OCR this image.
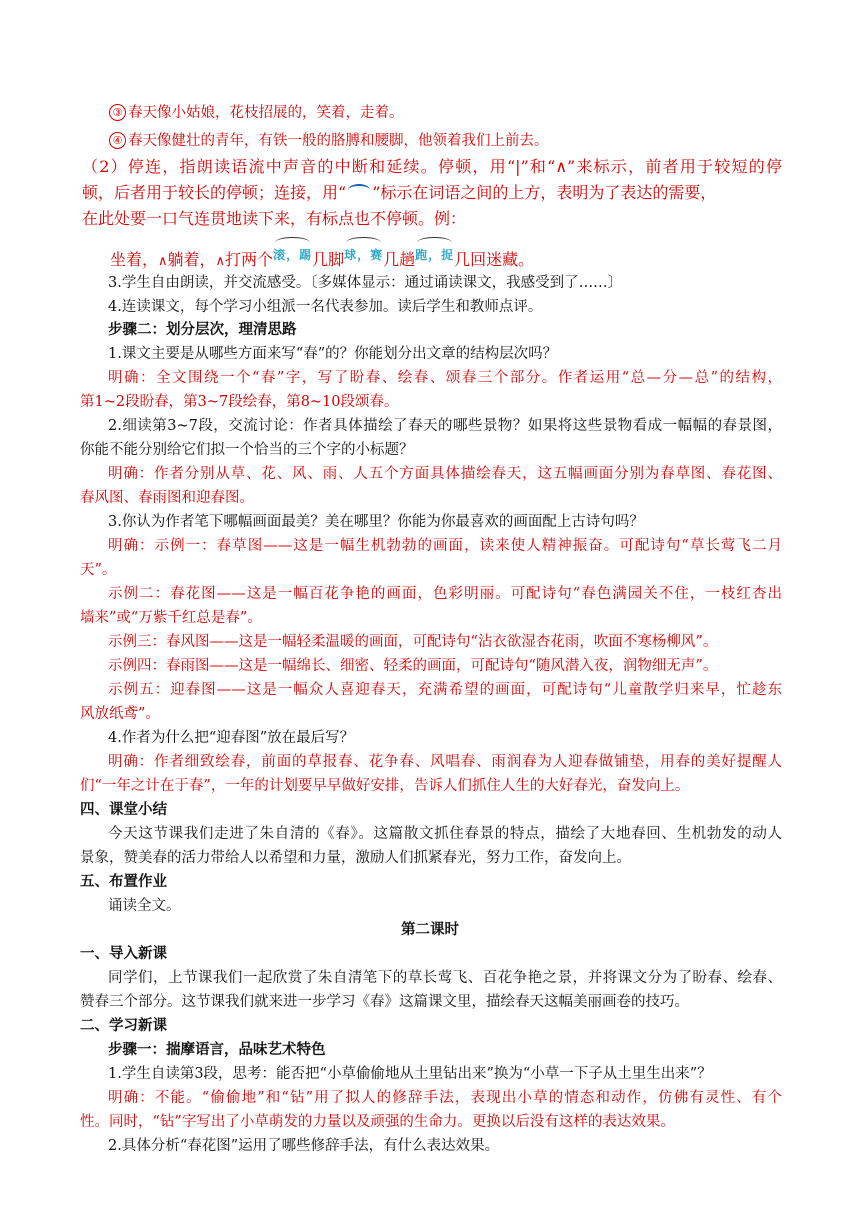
③ 春天像小姑娘，花枝招展的，笑着，走着。
④ 春天像健壮的青年，有铁一般的胳膊和腰脚，他领着我们上前去。
（2）停连，指朗读语流中声音的中断和延续。停顿，用“|”和“∧”来标示，前者用于较短的停
顿，后者用于较长的停顿；连接，用“ ”标示在词语之间的上方，表明为了表达的需要，
在此处要一口气连贯地读下来，有标点也不停顿。例：
坐着，∧躺着，∧打两个滚，踢几脚球，赛几趟跑，捉几回迷藏。
3.学生自由朗读，并交流感受。〔多媒体显示：通过诵读课文，我感受到了……〕
4.连读课文，每个学习小组派一名代表参加。读后学生和教师点评。
步骤二：划分层次，理清思路
1.课文主要是从哪些方面来写“春”的？你能划分出文章的结构层次吗？
明确：全文围绕一个“春”字，写了盼春、绘春、颂春三个部分。作者运用“总—分—总”的结构，
第1~2段盼春，第3~7段绘春，第8~10段颂春。
2.细读第3~7段，交流讨论：作者具体描绘了春天的哪些景物？如果将这些景物看成一幅幅的春景图，
你能不能分别给它们拟一个恰当的三个字的小标题？
明确：作者分别从草、花、风、雨、人五个方面具体描绘春天，这五幅画面分别为春草图、春花图、
春风图、春雨图和迎春图。
3.你认为作者笔下哪幅画面最美？美在哪里？你能为你最喜欢的画面配上古诗句吗？
明确：示例一：春草图——这是一幅生机勃勃的画面，读来使人精神振奋。可配诗句“草长莺飞二月
天”。
示例二：春花图——这是一幅百花争艳的画面，色彩明丽。可配诗句“春色满园关不住，一枝红杏出
墙来”或“万紫千红总是春”。
示例三：春风图——这是一幅轻柔温暖的画面，可配诗句“沾衣欲湿杏花雨，吹面不寒杨柳风”。
示例四：春雨图——这是一幅绵长、细密、轻柔的画面，可配诗句“随风潜入夜，润物细无声”。
示例五：迎春图——这是一幅众人喜迎春天，充满希望的画面，可配诗句“儿童散学归来早，忙趁东
风放纸鸢”。
4.作者为什么把“迎春图”放在最后写？
明确：作者细致绘春，前面的草报春、花争春、风唱春、雨润春为人迎春做铺垫，用春的美好提醒人
们“一年之计在于春”，一年的计划要早早做好安排，告诉人们抓住人生的大好春光，奋发向上。
四、课堂小结
今天这节课我们走进了朱自清的《春》。这篇散文抓住春景的特点，描绘了大地春回、生机勃发的动人
景象，赞美春的活力带给人以希望和力量，激励人们抓紧春光，努力工作，奋发向上。
五、布置作业
诵读全文。
第二课时
一、导入新课
同学们，上节课我们一起欣赏了朱自清笔下的草长莺飞、百花争艳之景，并将课文分为了盼春、绘春、
赞春三个部分。这节课我们就来进一步学习《春》这篇课文里，描绘春天这幅美丽画卷的技巧。
二、学习新课
步骤一：揣摩语言，品味艺术特色
1.学生自读第3段，思考：能否把“小草偷偷地从土里钻出来”换为“小草一下子从土里生出来”？
明确：不能。“偷偷地”和“钻”用了拟人的修辞手法，表现出小草的情态和动作，仿佛有灵性、有个
性。同时，“钻”字写出了小草萌发的力量以及顽强的生命力。更换以后没有这样的表达效果。
2.具体分析“春花图”运用了哪些修辞手法，有什么表达效果。
